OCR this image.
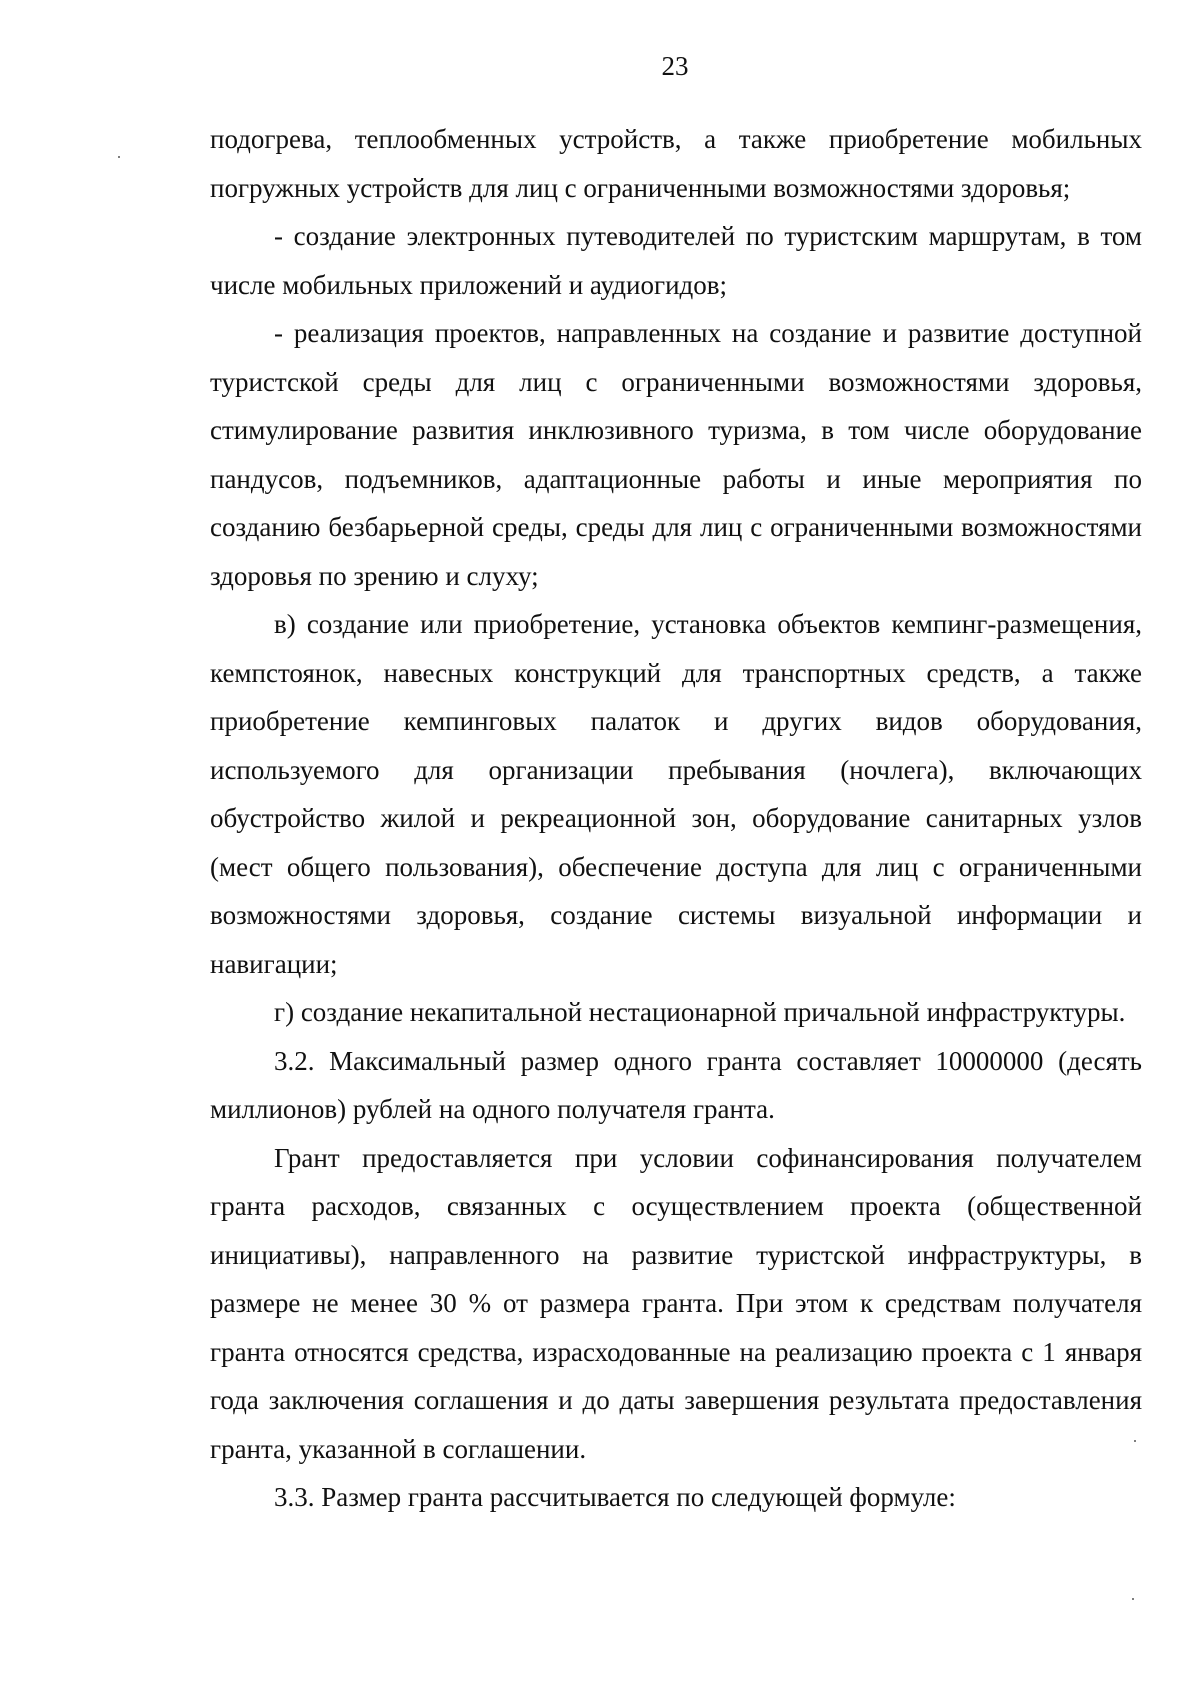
23

подогрева, теплообменных устройств, а также приобретение мобильных погружных устройств для лиц с ограниченными возможностями здоровья;

- создание электронных путеводителей по туристским маршрутам, в том числе мобильных приложений и аудиогидов;

- реализация проектов, направленных на создание и развитие доступной туристской среды для лиц с ограниченными возможностями здоровья, стимулирование развития инклюзивного туризма, в том числе оборудование пандусов, подъемников, адаптационные работы и иные мероприятия по созданию безбарьерной среды, среды для лиц с ограниченными возможностями здоровья по зрению и слуху;

в) создание или приобретение, установка объектов кемпинг-размещения, кемпстоянок, навесных конструкций для транспортных средств, а также приобретение кемпинговых палаток и других видов оборудования, используемого для организации пребывания (ночлега), включающих обустройство жилой и рекреационной зон, оборудование санитарных узлов (мест общего пользования), обеспечение доступа для лиц с ограниченными возможностями здоровья, создание системы визуальной информации и навигации;

г) создание некапитальной нестационарной причальной инфраструктуры.

3.2. Максимальный размер одного гранта составляет 10000000 (десять миллионов) рублей на одного получателя гранта.

Грант предоставляется при условии софинансирования получателем гранта расходов, связанных с осуществлением проекта (общественной инициативы), направленного на развитие туристской инфраструктуры, в размере не менее 30 % от размера гранта. При этом к средствам получателя гранта относятся средства, израсходованные на реализацию проекта с 1 января года заключения соглашения и до даты завершения результата предоставления гранта, указанной в соглашении.

3.3. Размер гранта рассчитывается по следующей формуле:
